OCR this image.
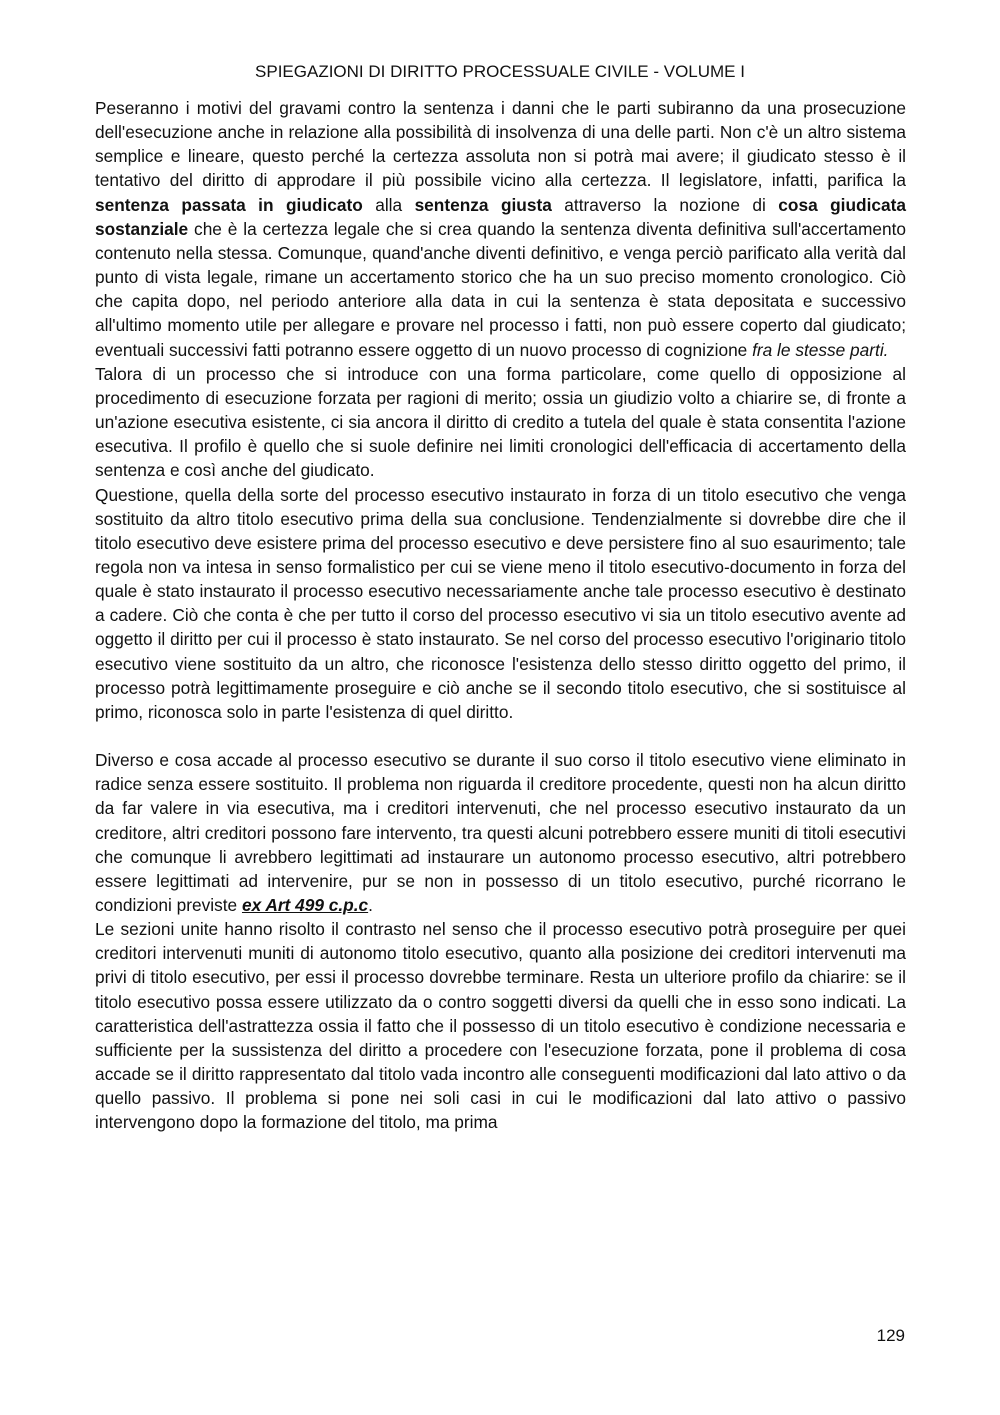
SPIEGAZIONI DI DIRITTO PROCESSUALE CIVILE - VOLUME I

Peseranno i motivi del gravami contro la sentenza i danni che le parti subiranno da una prosecuzione dell'esecuzione anche in relazione alla possibilità di insolvenza di una delle parti. Non c'è un altro sistema semplice e lineare, questo perché la certezza assoluta non si potrà mai avere; il giudicato stesso è il tentativo del diritto di approdare il più possibile vicino alla certezza. Il legislatore, infatti, parifica la sentenza passata in giudicato alla sentenza giusta attraverso la nozione di cosa giudicata sostanziale che è la certezza legale che si crea quando la sentenza diventa definitiva sull'accertamento contenuto nella stessa. Comunque, quand'anche diventi definitivo, e venga perciò parificato alla verità dal punto di vista legale, rimane un accertamento storico che ha un suo preciso momento cronologico. Ciò che capita dopo, nel periodo anteriore alla data in cui la sentenza è stata depositata e successivo all'ultimo momento utile per allegare e provare nel processo i fatti, non può essere coperto dal giudicato; eventuali successivi fatti potranno essere oggetto di un nuovo processo di cognizione fra le stesse parti.

Talora di un processo che si introduce con una forma particolare, come quello di opposizione al procedimento di esecuzione forzata per ragioni di merito; ossia un giudizio volto a chiarire se, di fronte a un'azione esecutiva esistente, ci sia ancora il diritto di credito a tutela del quale è stata consentita l'azione esecutiva. Il profilo è quello che si suole definire nei limiti cronologici dell'efficacia di accertamento della sentenza e così anche del giudicato.

Questione, quella della sorte del processo esecutivo instaurato in forza di un titolo esecutivo che venga sostituito da altro titolo esecutivo prima della sua conclusione. Tendenzialmente si dovrebbe dire che il titolo esecutivo deve esistere prima del processo esecutivo e deve persistere fino al suo esaurimento; tale regola non va intesa in senso formalistico per cui se viene meno il titolo esecutivo-documento in forza del quale è stato instaurato il processo esecutivo necessariamente anche tale processo esecutivo è destinato a cadere. Ciò che conta è che per tutto il corso del processo esecutivo vi sia un titolo esecutivo avente ad oggetto il diritto per cui il processo è stato instaurato. Se nel corso del processo esecutivo l'originario titolo esecutivo viene sostituito da un altro, che riconosce l'esistenza dello stesso diritto oggetto del primo, il processo potrà legittimamente proseguire e ciò anche se il secondo titolo esecutivo, che si sostituisce al primo, riconosca solo in parte l'esistenza di quel diritto.

Diverso e cosa accade al processo esecutivo se durante il suo corso il titolo esecutivo viene eliminato in radice senza essere sostituito. Il problema non riguarda il creditore procedente, questi non ha alcun diritto da far valere in via esecutiva, ma i creditori intervenuti, che nel processo esecutivo instaurato da un creditore, altri creditori possono fare intervento, tra questi alcuni potrebbero essere muniti di titoli esecutivi che comunque li avrebbero legittimati ad instaurare un autonomo processo esecutivo, altri potrebbero essere legittimati ad intervenire, pur se non in possesso di un titolo esecutivo, purché ricorrano le condizioni previste ex Art 499 c.p.c.

Le sezioni unite hanno risolto il contrasto nel senso che il processo esecutivo potrà proseguire per quei creditori intervenuti muniti di autonomo titolo esecutivo, quanto alla posizione dei creditori intervenuti ma privi di titolo esecutivo, per essi il processo dovrebbe terminare. Resta un ulteriore profilo da chiarire: se il titolo esecutivo possa essere utilizzato da o contro soggetti diversi da quelli che in esso sono indicati. La caratteristica dell'astrattezza ossia il fatto che il possesso di un titolo esecutivo è condizione necessaria e sufficiente per la sussistenza del diritto a procedere con l'esecuzione forzata, pone il problema di cosa accade se il diritto rappresentato dal titolo vada incontro alle conseguenti modificazioni dal lato attivo o da quello passivo. Il problema si pone nei soli casi in cui le modificazioni dal lato attivo o passivo intervengono dopo la formazione del titolo, ma prima

129
